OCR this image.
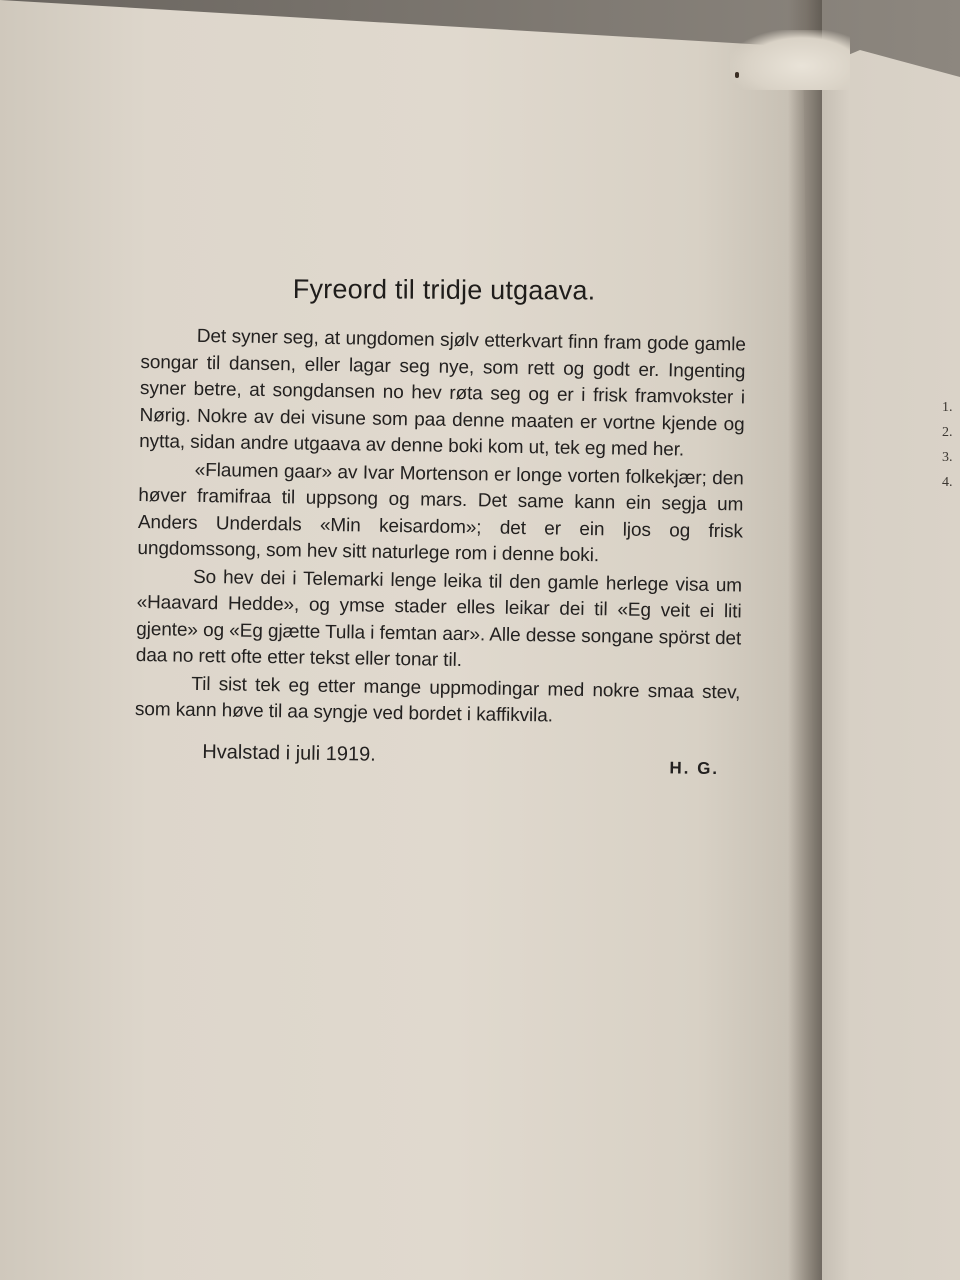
1.
2.
3.
4.
Fyreord til tridje utgaava.

Det syner seg, at ungdomen sjølv etterkvart finn fram gode gamle songar til dansen, eller lagar seg nye, som rett og godt er. Ingenting syner betre, at songdansen no hev røta seg og er i frisk framvokster i Nørig. Nokre av dei visune som paa denne maaten er vortne kjende og nytta, sidan andre utgaava av denne boki kom ut, tek eg med her.

«Flaumen gaar» av Ivar Mortenson er longe vorten folkekjær; den høver framifraa til uppsong og mars. Det same kann ein segja um Anders Underdals «Min keisardom»; det er ein ljos og frisk ungdomssong, som hev sitt naturlege rom i denne boki.

So hev dei i Telemarki lenge leika til den gamle herlege visa um «Haavard Hedde», og ymse stader elles leikar dei til «Eg veit ei liti gjente» og «Eg gjætte Tulla i femtan aar». Alle desse songane spörst det daa no rett ofte etter tekst eller tonar til.

Til sist tek eg etter mange uppmodingar med nokre smaa stev, som kann høve til aa syngje ved bordet i kaffikvila.

Hvalstad i juli 1919.
H. G.
